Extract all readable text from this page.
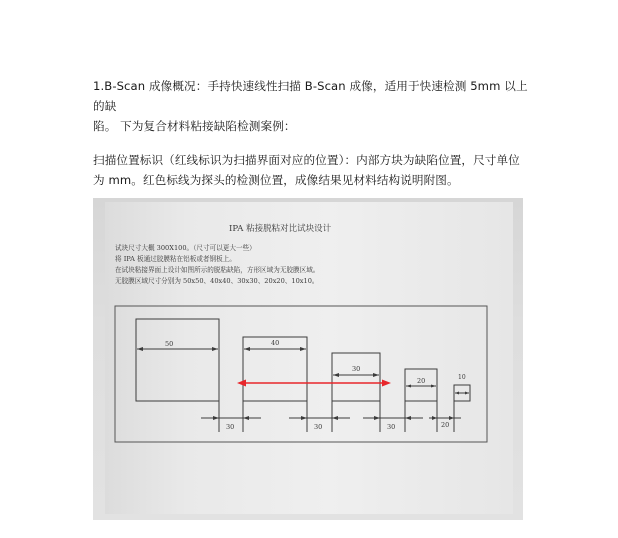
1.B-Scan 成像概况：手持快速线性扫描 B-Scan 成像，适用于快速检测 5mm 以上的缺
陷。 下为复合材料粘接缺陷检测案例：

扫描位置标识（红线标识为扫描界面对应的位置）：内部方块为缺陷位置，尺寸单位
为 mm。红色标线为探头的检测位置，成像结果见材料结构说明附图。

IPA 粘接脱粘对比试块设计
试块尺寸大概 300X100。（尺寸可以更大一些）
将 IPA 板通过胶膜粘在铝板或者钢板上。
在试块粘接界面上设计如图所示的脱粘缺陷，方形区域为无胶膜区域。
无胶膜区域尺寸分别为 50x50、40x40、30x30、20x20、10x10。
50	40
30
20	10
30	30	30	20
